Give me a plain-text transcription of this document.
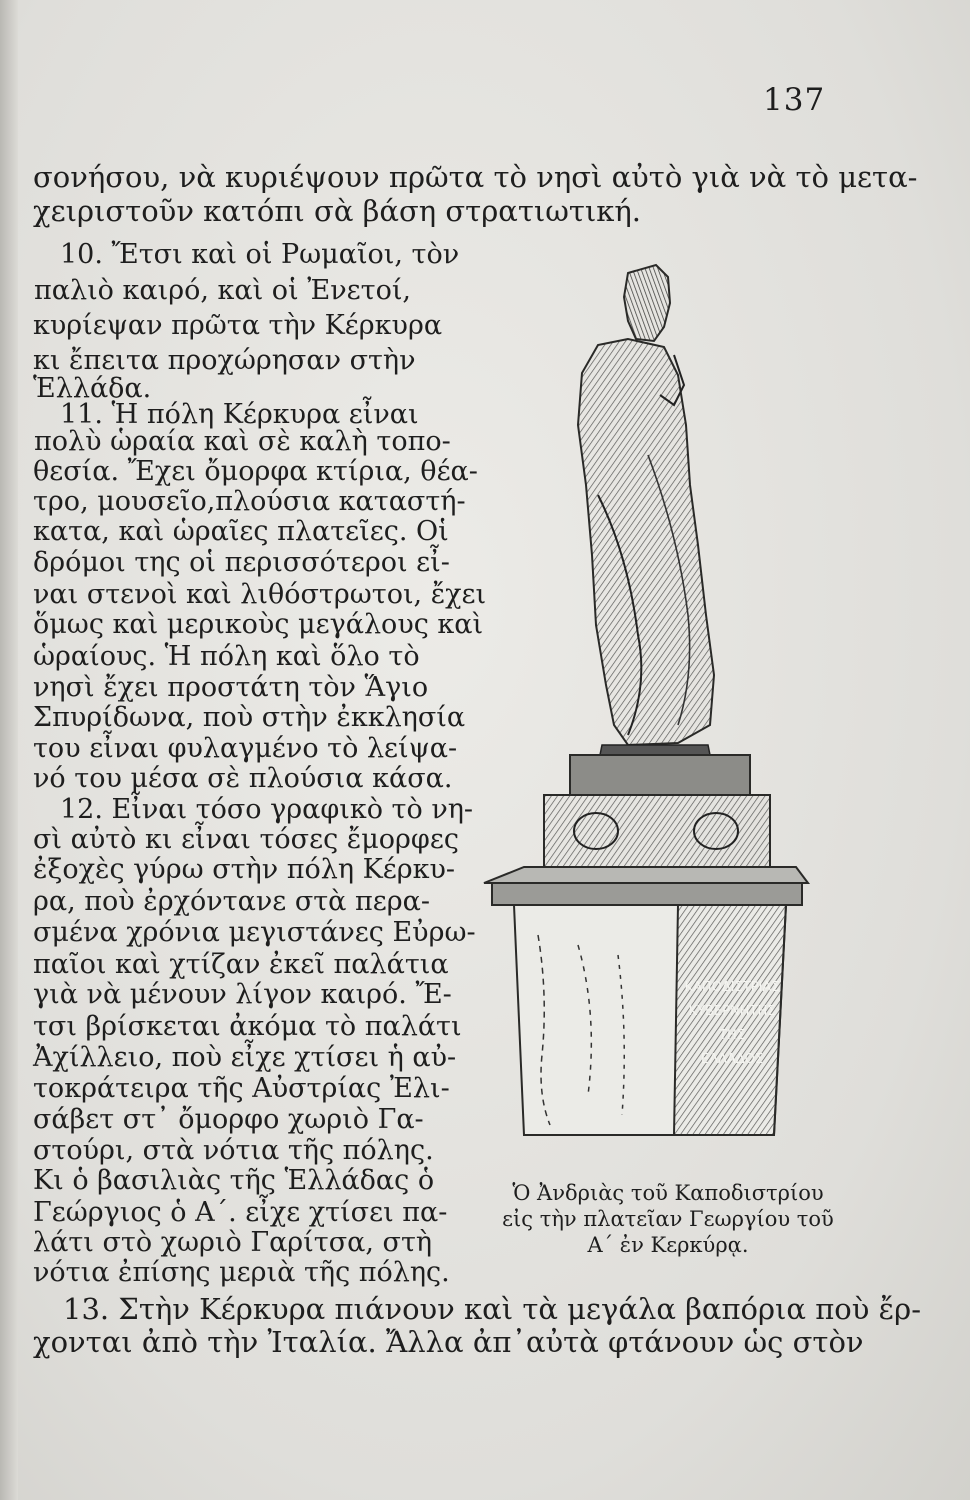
137
σονήσου, νὰ κυριέψουν πρῶτα τὸ νησὶ αὐτὸ γιὰ νὰ τὸ μετα-
χειριστοῦν κατόπι σὰ βάση στρατιωτική.
10. Ἔτσι καὶ οἱ Ρωμαῖοι, τὸν
παλιὸ καιρό, καὶ οἱ Ἐνετοί,
κυρίεψαν πρῶτα τὴν Κέρκυρα
κι ἔπειτα προχώρησαν στὴν
Ἑλλάδα.
11. Ἡ πόλη Κέρκυρα εἶναι
πολὺ ὡραία καὶ σὲ καλὴ τοπο-
θεσία. Ἔχει ὄμορφα κτίρια, θέα-
τρο, μουσεῖο,πλούσια καταστή-
κατα, καὶ ὡραῖες πλατεῖες. Οἱ
δρόμοι της οἱ περισσότεροι εἶ-
ναι στενοὶ καὶ λιθόστρωτοι, ἔχει
ὅμως καὶ μερικοὺς μεγάλους καὶ
ὡραίους. Ἡ πόλη καὶ ὅλο τὸ
νησὶ ἔχει προστάτη τὸν Ἅγιο
Σπυρίδωνα, ποὺ στὴν ἐκκλησία
του εἶναι φυλαγμένο τὸ λείψα-
νό του μέσα σὲ πλούσια κάσα.
12. Εἶναι τόσο γραφικὸ τὸ νη-
σὶ αὐτὸ κι εἶναι τόσες ἔμορφες
ἐξοχὲς γύρω στὴν πόλη Κέρκυ-
ρα, ποὺ ἐρχόντανε στὰ περα-
σμένα χρόνια μεγιστάνες Εὐρω-
παῖοι καὶ χτίζαν ἐκεῖ παλάτια
γιὰ νὰ μένουν λίγον καιρό. Ἔ-
τσι βρίσκεται ἀκόμα τὸ παλάτι
Ἀχίλλειο, ποὺ εἶχε χτίσει ἡ αὐ-
τοκράτειρα τῆς Αὐστρίας Ἐλι-
σάβετ στ᾿ ὄμορφο χωριὸ Γα-
στούρι, στὰ νότια τῆς πόλης.
Κι ὁ βασιλιὰς τῆς Ἑλλάδας ὁ
Γεώργιος ὁ Α΄. εἶχε χτίσει πα-
λάτι στὸ χωριὸ Γαρίτσα, στὴ
νότια ἐπίσης μεριὰ τῆς πόλης.
13. Στὴν Κέρκυρα πιάνουν καὶ τὰ μεγάλα βαπόρια ποὺ ἔρ-
χονται ἀπὸ τὴν Ἰταλία. Ἄλλα ἀπ᾿αὐτὰ φτάνουν ὡς στὸν
ΚΑΠΟΔΙΣΤΡΙΑΣ
ΚΥΒΕΡΝΗΤΗΣ
ΤΗΣ
ΕΛΛΑΔΟΣ
Ὁ Ἀνδριὰς τοῦ Καποδιστρίου
εἰς τὴν πλατεῖαν Γεωργίου τοῦ
Α΄ ἐν Κερκύρᾳ.
